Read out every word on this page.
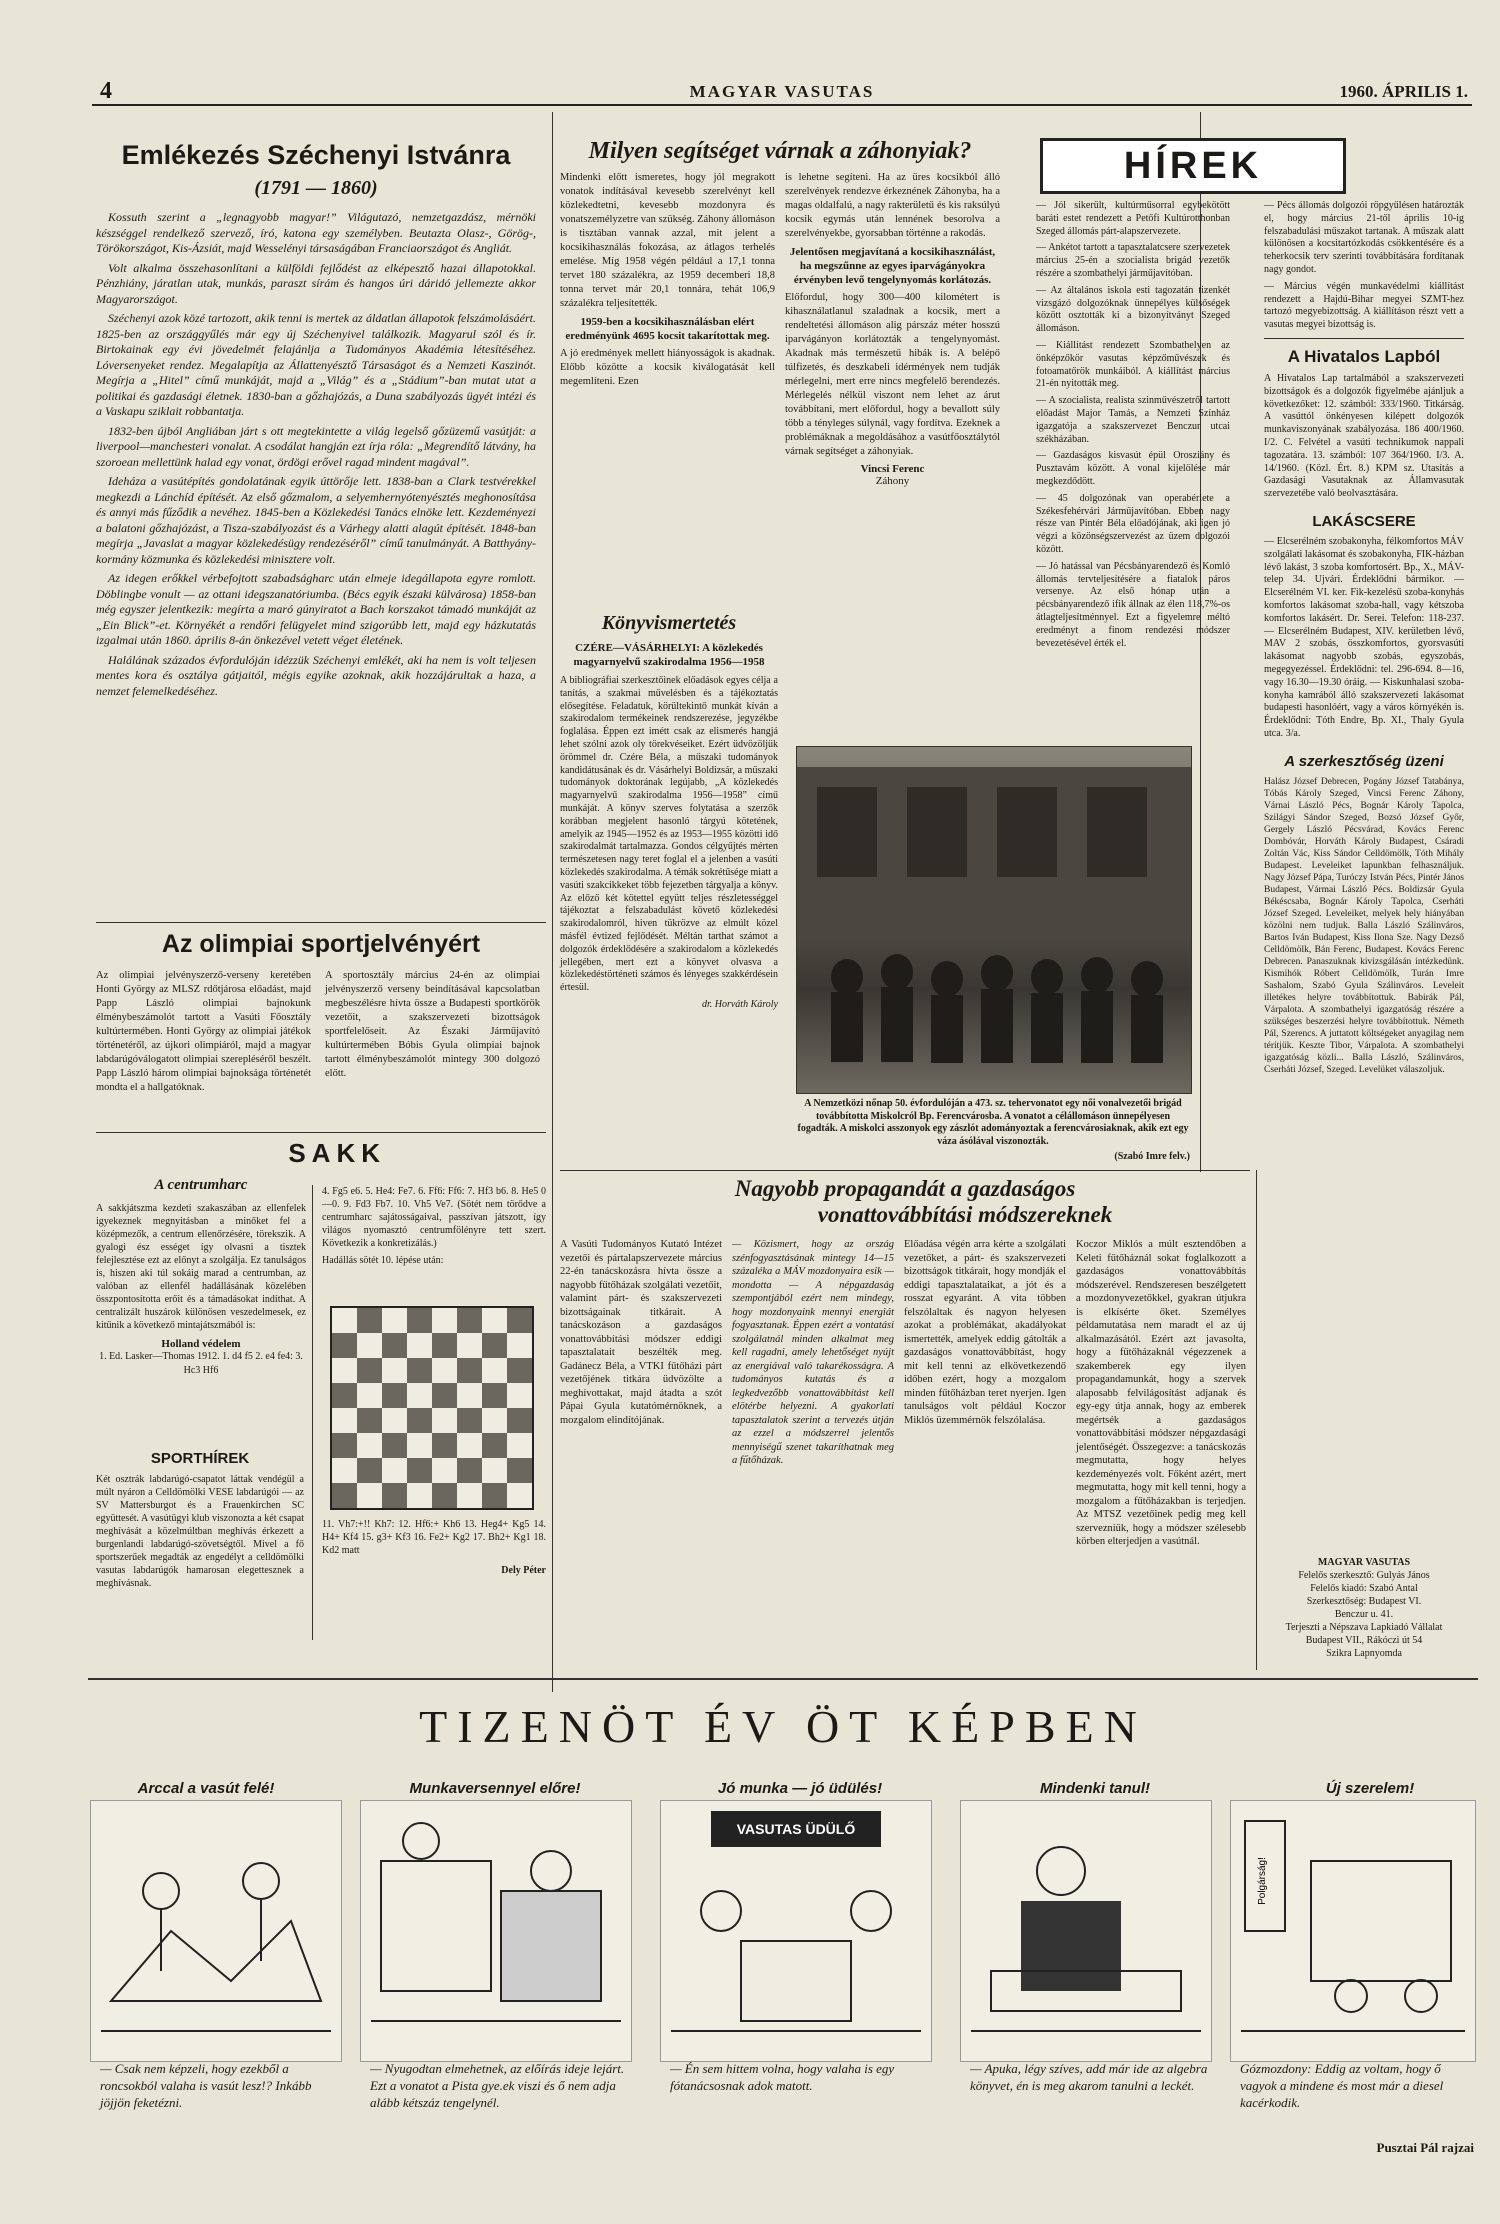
4	MAGYAR VASUTAS	1960. ÁPRILIS 1.
Emlékezés Széchenyi Istvánra
(1791 — 1860)

Kossuth szerint a „legnagyobb magyar!” Világutazó, nemzetgazdász, mérnöki készséggel rendelkező szervező, író, katona egy személyben. Beutazta Olasz-, Görög-, Törökországot, Kis-Ázsiát, majd Wesselényi társaságában Franciaországot és Angliát.

Volt alkalma összehasonlítani a külföldi fejlődést az elképesztő hazai állapotokkal. Pénzhiány, járatlan utak, munkás, paraszt sírám és hangos úri dáridó jellemezte akkor Magyarországot.

Széchenyi azok közé tartozott, akik tenni is mertek az áldatlan állapotok felszámolásáért. 1825-ben az országgyűlés már egy új Széchenyivel találkozik. Magyarul szól és ír. Birtokainak egy évi jövedelmét felajánlja a Tudományos Akadémia létesítéséhez. Lóversenyeket rendez. Megalapítja az Állattenyésztő Társaságot és a Nemzeti Kaszinót. Megírja a „Hitel” című munkáját, majd a „Világ” és a „Stádium”-ban mutat utat a politikai és gazdasági életnek. 1830-ban a gőzhajózás, a Duna szabályozás ügyét intézi és a Vaskapu sziklait robbantatja.

1832-ben újból Angliában járt s ott megtekintette a világ legelső gőzüzemű vasútját: a liverpool—manchesteri vonalat. A csodálat hangján ezt írja róla: „Megrendítő látvány, ha szoroean mellettünk halad egy vonat, ördögi erővel ragad mindent magával”.

Ideháza a vasútépítés gondolatának egyik úttörője lett. 1838-ban a Clark testvérekkel megkezdi a Lánchíd építését. Az első gőzmalom, a selyemhernyótenyésztés meghonosítása és annyi más fűződik a nevéhez. 1845-ben a Közlekedési Tanács elnöke lett. Kezdeményezi a balatoni gőzhajózást, a Tisza-szabályozást és a Várhegy alatti alagút építését. 1848-ban megírja „Javaslat a magyar közlekedésügy rendezéséről” című tanulmányát. A Batthyány-kormány közmunka és közlekedési minisztere volt.

Az idegen erőkkel vérbefojtott szabadságharc után elmeje idegállapota egyre romlott. Döblingbe vonult — az ottani idegszanatóriumba. (Bécs egyik északi külvárosa) 1858-ban még egyszer jelentkezik: megírta a maró gúnyiratot a Bach korszakot támadó munkáját az „Ein Blick”-et. Környékét a rendőri felügyelet mind szigorúbb lett, majd egy házkutatás izgalmai után 1860. április 8-án önkezével vetett véget életének.

Halálának százados évfordulóján idézzük Széchenyi emlékét, aki ha nem is volt teljesen mentes kora és osztálya gátjaitól, mégis egyike azoknak, akik hozzájárultak a haza, a nemzet felemelkedéséhez.

Az olimpiai sportjelvényért
Az olimpiai jelvényszerző-verseny keretében Honti György az MLSZ rdőtjárosa előadást, majd Papp László olimpiai bajnokunk élménybeszámolót tartott a Vasúti Főosztály kultúrtermében. Honti György az olimpiai játékok történetéről, az újkori olimpiáról, majd a magyar labdarúgóválogatott olimpiai szerepléséről beszélt. Papp László három olimpiai bajnoksága történetét mondta el a hallgatóknak.
A sportosztály március 24-én az olimpiai jelvényszerző verseny beindításával kapcsolatban megbeszélésre hívta össze a Budapesti sportkörök vezetőit, a szakszervezeti bizottságok sportfelelőseit. Az Északi Járműjavító kultúrtermében Bóbis Gyula olimpiai bajnok tartott élménybeszámolót mintegy 300 dolgozó előtt.
SAKK
A centrumharc
A sakkjátszma kezdeti szakaszában az ellenfelek igyekeznek megnyitásban a minőket fel a középmezők, a centrum ellenőrzésére, törekszik. A gyalogi ész ességet így olvasni a tisztek felejlesztése ezt az előnyt a szolgálja. Ez tanulságos is, hiszen aki túl sokáig marad a centrumban, az valóban az ellenfél hadállásának közelében összpontosította erőit és a támadásokat indíthat. A centralizált huszárok különösen veszedelmesek, ez kitűnik a következő mintajátszmából is:
Holland védelem
1. Ed. Lasker—Thomas 1912. 1. d4 f5 2. e4 fe4: 3. Hc3 Hf6
4. Fg5 e6. 5. He4: Fe7. 6. Ff6: Ff6: 7. Hf3 b6. 8. He5 0—0. 9. Fd3 Fb7. 10. Vh5 Ve7. (Sötét nem törődve a centrumharc sajátosságaival, passzívan játszott, így világos nyomasztó centrumfölényre tett szert. Következik a konkretizálás.)
Hadállás sötét 10. lépése után:
11. Vh7:+!! Kh7: 12. Hf6:+ Kh6 13. Heg4+ Kg5 14. H4+ Kf4 15. g3+ Kf3 16. Fe2+ Kg2 17. Bh2+ Kg1 18. Kd2 matt
Dely Péter
SPORTHÍREK
Két osztrák labdarúgó-csapatot láttak vendégül a múlt nyáron a Celldömölki VESE labdarúgói — az SV Mattersburgot és a Frauenkirchen SC együttesét. A vasútügyi klub viszonozta a két csapat meghívását a közelmúltban meghívás érkezett a burgenlandi labdarúgó-szövetségtől. Mivel a fő sportszerűek megadták az engedélyt a celldömölki vasutas labdarúgók hamarosan elegettesznek a meghívásnak.
Milyen segítséget várnak a záhonyiak?
Mindenki előtt ismeretes, hogy jól megrakott vonatok indításával kevesebb szerelvényt kell közlekedtetni, kevesebb mozdonyra és vonatszemélyzetre van szükség. Záhony állomáson is tisztában vannak azzal, mit jelent a kocsikihasználás fokozása, az átlagos terhelés emelése. Míg 1958 végén például a 17,1 tonna tervet 180 százalékra, az 1959 decemberi 18,8 tonna tervet már 20,1 tonnára, tehát 106,9 százalékra teljesítették.
1959-ben a kocsikihasználásban elért eredményünk 4695 kocsit takarítottak meg.
A jó eredmények mellett hiányosságok is akadnak. Előbb közötte a kocsik kiválogatását kell megemlíteni. Ezen
is lehetne segíteni. Ha az üres kocsikból álló szerelvények rendezve érkeznének Záhonyba, ha a magas oldalfalú, a nagy rakterületű és kis raksúlyú kocsik egymás után lennének besorolva a szerelvényekbe, gyorsabban történne a rakodás.
Jelentősen megjavítaná a kocsikihasználást, ha megszűnne az egyes iparvágányokra érvényben levő tengelynyomás korlátozás.
Előfordul, hogy 300—400 kilométert is kihasználatlanul szaladnak a kocsik, mert a rendeltetési állomáson alig párszáz méter hosszú iparvágányon korlátozták a tengelynyomást. Akadnak más természetű hibák is. A belépő túlfizetés, és deszkabeli idérmények nem tudják mérlegelni, mert erre nincs megfelelő berendezés. Mérlegelés nélkül viszont nem lehet az árut továbbítani, mert előfordul, hogy a bevallott súly több a tényleges súlynál, vagy fordítva. Ezeknek a problémáknak a megoldásához a vasútfőosztálytól várnak segítséget a záhonyiak.
Vincsi Ferenc
Záhony
Könyvismertetés
CZÉRE—VÁSÁRHELYI: A közlekedés magyarnyelvű szakirodalma 1956—1958
A bibliográfiai szerkesztőinek előadások egyes célja a tanítás, a szakmai művelésben és a tájékoztatás elősegítése. Feladatuk, körültekintő munkát kíván a szakirodalom termékeinek rendszerezése, jegyzékbe foglalása. Éppen ezt imétt csak az elismerés hangjá lehet szólni azok oly törekvéseiket. Ezért üdvözöljük örömmel dr. Czére Béla, a műszaki tudományok kandidátusának és dr. Vásárhelyi Boldizsár, a műszaki tudományok doktorának legújabb, „A közlekedés magyarnyelvű szakirodalma 1956—1958” című munkáját. A könyv szerves folytatása a szerzők korábban megjelent hasonló tárgyú kötetének, amelyik az 1945—1952 és az 1953—1955 közötti idő szakirodalmát tartalmazza. Gondos célgyűjtés mérten természetesen nagy teret foglal el a jelenben a vasúti közlekedés szakirodalma. A témák sokrétűsége miatt a vasúti szakcikkeket több fejezetben tárgyalja a könyv. Az előző két kötettel együtt teljes részletességgel tájékoztat a felszabadulást követő közlekedési szakirodalomról, hiven tükrözve az elmúlt közel másfél évtized fejlődését. Méltán tarthat számot a dolgozók érdeklődésére a szakirodalom a közlekedés jellegében, mert ezt a könyvet olvasva a közlekedéstörténeti számos és lényeges szakkérdésein értesül.
dr. Horváth Károly
A Nemzetközi nőnap 50. évfordulóján a 473. sz. tehervonatot egy női vonalvezetői brigád továbbította Miskolcról Bp. Ferencvárosba. A vonatot a célállomáson ünnepélyesen fogadták. A miskolci asszonyok egy zászlót adományoztak a ferencvárosiaknak, akik ezt egy váza ásólával viszonozták.
(Szabó Imre felv.)
Nagyobb propagandát a gazdaságos
vonattovábbítási módszereknek
A Vasúti Tudományos Kutató Intézet vezetői és pártalapszervezete március 22-én tanácskozásra hívta össze a nagyobb fűtőházak szolgálati vezetőit, valamint párt- és szakszervezeti bizottságainak titkárait. A tanácskozáson a gazdaságos vonattovábbítási módszer eddigi tapasztalatait beszélték meg. Gadánecz Béla, a VTKI fűtőházi párt vezetőjének titkára üdvözölte a meghívottakat, majd átadta a szót Pápai Gyula kutatómérnöknek, a mozgalom elindítójának.
— Közismert, hogy az ország szénfogyasztásának mintegy 14—15 százaléka a MÁV mozdonyaira esik — mondotta — A népgazdaság szempontjából ezért nem mindegy, hogy mozdonyaink mennyi energiát fogyasztanak. Éppen ezért a vontatási szolgálatnál minden alkalmat meg kell ragadni, amely lehetőséget nyújt az energiával való takarékosságra. A tudományos kutatás és a legkedvezőbb vonattovábbítást kell elötérbe helyezni. A gyakorlati tapasztalatok szerint a tervezés útján az ezzel a módszerrel jelentős mennyiségű szenet takaríthatnak meg a fűtőházak.
Előadása végén arra kérte a szolgálati vezetőket, a párt- és szakszervezeti bizottságok titkárait, hogy mondják el eddigi tapasztalataikat, a jót és a rosszat egyaránt. A vita többen felszólaltak és nagyon helyesen azokat a problémákat, akadályokat ismertették, amelyek eddig gátolták a gazdaságos vonattovábbítást, hogy mit kell tenni az elkövetkezendő időben ezért, hogy a mozgalom minden fűtőházban teret nyerjen. Igen tanulságos volt például Koczor Miklós üzemmérnök felszólalása.
Koczor Miklós a múlt esztendőben a Keleti fűtőháznál sokat foglalkozott a gazdaságos vonattovábbítás módszerével. Rendszeresen beszélgetett a mozdonyvezetőkkel, gyakran útjukra is elkísérte őket. Személyes példamutatása nem maradt el az új alkalmazásától. Ezért azt javasolta, hogy a fűtőházaknál végezzenek a szakemberek egy ilyen propagandamunkát, hogy a szervek alaposabb felvilágosítást adjanak és egy-egy útja annak, hogy az emberek megértsék a gazdaságos vonattovábbítási módszer népgazdasági jelentőségét. Összegezve: a tanácskozás megmutatta, hogy helyes kezdeményezés volt. Főként azért, mert megmutatta, hogy mit kell tenni, hogy a mozgalom a fűtőházakban is terjedjen. Az MTSZ vezetőinek pedig meg kell szervezniük, hogy a módszer szélesebb körben elterjedjen a vasútnál.
HÍREK
— Jól sikerült, kultúrműsorral egybekötött baráti estet rendezett a Petőfi Kultúrotthonban Szeged állomás párt-alapszervezete.
— Ankétot tartott a tapasztalatcsere szervezetek március 25-én a szocialista brigád vezetők részére a szombathelyi járműjavítóban.
— Az általános iskola esti tagozatán tizenkét vizsgázó dolgozóknak ünnepélyes külsőségek között osztották ki a bizonyítványt Szeged állomáson.
— Kiállítást rendezett Szombathelyen az önképzőkör vasutas képzőművészek és fotoamatőrök munkáiból. A kiállítást március 21-én nyitották meg.
— A szocialista, realista szinművészetről tartott előadást Major Tamás, a Nemzeti Színház igazgatója a szakszervezet Benczur utcai székházában.
— Gazdaságos kisvasút épül Orosziány és Pusztavám között. A vonal kijelölése már megkezdődött.
— 45 dolgozónak van operabérlete a Székesfehérvári Járműjavítóban. Ebben nagy része van Pintér Béla előadójának, aki igen jó végzi a közönségszervezést az üzem dolgozói között.
— Jó hatással van Pécsbányarendező és Komló állomás tervteljesítésére a fiatalok páros versenye. Az első hónap után a pécsbányarendező ifik állnak az élen 118,7%-os átlagteljesítménnyel. Ezt a figyelemre méltó eredményt a finom rendezési módszer bevezetésével érték el.
— Pécs állomás dolgozói röpgyűlésen határozták el, hogy március 21-től április 10-ig felszabadulási műszakot tartanak. A műszak alatt különösen a kocsitartózkodás csökkentésére és a teherkocsik terv szerinti továbbítására fordítanak nagy gondot.
— Március végén munkavédelmi kiállítást rendezett a Hajdú-Bihar megyei SZMT-hez tartozó megyebizottság. A kiállításon részt vett a vasutas megyei bizottság is.
A Hivatalos Lapból
A Hivatalos Lap tartalmából a szakszervezeti bizottságok és a dolgozók figyelmébe ajánljuk a következőket: 12. számból: 333/1960. Titkárság. A vasúttól önkényesen kilépett dolgozók munkaviszonyának szabályozása. 186 400/1960. I/2. C. Felvétel a vasúti technikumok nappali tagozatára. 13. számból: 107 364/1960. I/3. A. 14/1960. (Közl. Ért. 8.) KPM sz. Utasítás a Gazdasági Vasutaknak az Államvasutak szervezetébe való beolvasztására.
LAKÁSCSERE
— Elcserélném szobakonyha, félkomfortos MÁV szolgálati lakásomat és szobakonyha, FIK-házban lévő lakást, 3 szoba komfortosért. Bp., X., MÁV-telep 34. Ujvári. Érdeklődni bármikor. — Elcserélném VI. ker. Fik-kezelésű szoba-konyhás komfortos lakásomat szoba-hall, vagy kétszoba komfortos lakásért. Dr. Serei. Telefon: 118-237. — Elcserélném Budapest, XIV. kerületben lévő, MAV 2 szobás, összkomfortos, gyorsvasúti lakásomat nagyobb szobás, egyszobás, megegyezéssel. Érdeklődni: tel. 296-694. 8—16, vagy 16.30—19.30 óráig. — Kiskunhalasi szoba-konyha kamrából álló szakszervezeti lakásomat budapesti hasonlóért, vagy a város környékén is. Érdeklődni: Tóth Endre, Bp. XI., Thaly Gyula utca. 3/a.
A szerkesztőség üzeni
Halász József Debrecen, Pogány József Tatabánya, Tóbás Károly Szeged, Vincsi Ferenc Záhony, Várnai László Pécs, Bognár Károly Tapolca, Szilágyi Sándor Szeged, Bozsó József Győr, Gergely László Pécsvárad, Kovács Ferenc Dombóvár, Horváth Károly Budapest, Csáradi Zoltán Vác, Kiss Sándor Celldömölk, Tóth Mihály Budapest. Leveleiket lapunkban felhasználjuk. Nagy József Pápa, Turóczy István Pécs, Pintér János Budapest, Vármai László Pécs. Boldizsár Gyula Békéscsaba, Bognár Károly Tapolca, Cserháti József Szeged. Leveleiket, melyek hely hiányában közölni nem tudjuk. Balla László Szálinváros, Bartos Iván Budapest, Kiss Ilona Sze. Nagy Dezső Celldömölk, Bán Ferenc, Budapest. Kovács Ferenc Debrecen. Panaszuknak kivizsgálásán intézkedünk. Kismihók Róbert Celldömölk, Turán Imre Sashalom, Szabó Gyula Szálinváros. Leveleit illetékes helyre továbbítottuk. Babirák Pál, Várpalota. A szombathelyi igazgatóság részére a szükséges beszerzési helyre továbbítottuk. Németh Pál, Szerencs. A juttatott költségeket anyagilag nem térítjük. Keszte Tibor, Várpalota. A szombathelyi igazgatóság közli... Balla László, Szálinváros, Cserháti József, Szeged. Levelüket válaszoljuk.
MAGYAR VASUTAS
Felelős szerkesztő: Gulyás János
Felelős kiadó: Szabó Antal
Szerkesztőség: Budapest VI.
Benczur u. 41.
Terjeszti a Népszava Lapkiadó Vállalat
Budapest VII., Rákóczi út 54
Szikra Lapnyomda
TIZENÖT ÉV ÖT KÉPBEN
Arccal a vasút felé!
— Csak nem képzeli, hogy ezekből a roncsokból valaha is vasút lesz!? Inkább jöjjön feketézni.
Munkaversennyel előre!
— Nyugodtan elmehetnek, az előírás ideje lejárt. Ezt a vonatot a Pista gye.ek viszi és ő nem adja alább kétszáz tengelynél.
Jó munka — jó üdülés!
VASUTAS ÜDÜLŐ
— Én sem hittem volna, hogy valaha is egy fótanácsosnak adok matott.
Mindenki tanul!
— Apuka, légy szíves, add már ide az algebra könyvet, én is meg akarom tanulni a leckét.
Új szerelem!
Polgárság!
Gózmozdony: Eddig az voltam, hogy ő vagyok a mindene és most már a diesel kacérkodik.
Pusztai Pál rajzai
